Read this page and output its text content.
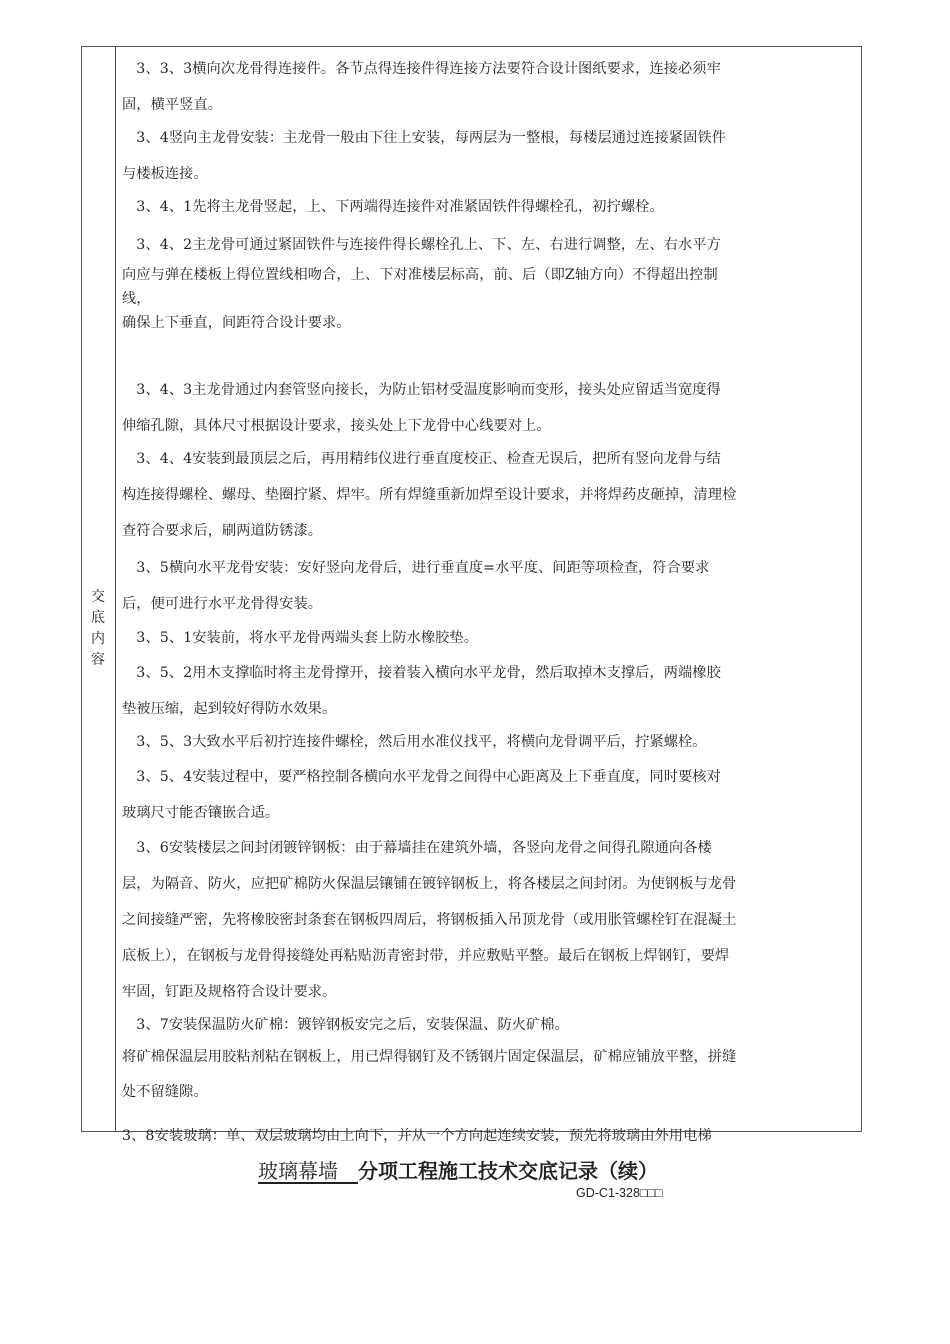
交
底
内
容
　3、3、3横向次龙骨得连接件。各节点得连接件得连接方法要符合设计图纸要求，连接必须牢
固，横平竖直。
　3、4竖向主龙骨安装：主龙骨一般由下往上安装，每两层为一整根，每楼层通过连接紧固铁件
与楼板连接。
　3、4、1先将主龙骨竖起，上、下两端得连接件对准紧固铁件得螺栓孔，初拧螺栓。
　3、4、2主龙骨可通过紧固铁件与连接件得长螺栓孔上、下、左、右进行调整，左、右水平方
向应与弹在楼板上得位置线相吻合，上、下对准楼层标高，前、后（即Z轴方向）不得超出控制
线，
确保上下垂直，间距符合设计要求。
　3、4、3主龙骨通过内套管竖向接长，为防止铝材受温度影响而变形，接头处应留适当宽度得
伸缩孔隙，具体尺寸根据设计要求，接头处上下龙骨中心线要对上。
　3、4、4安装到最顶层之后，再用精纬仪进行垂直度校正、检查无误后，把所有竖向龙骨与结
构连接得螺栓、螺母、垫圈拧紧、焊牢。所有焊缝重新加焊至设计要求，并将焊药皮砸掉，清理检
查符合要求后，刷两道防锈漆。
　3、5横向水平龙骨安装：安好竖向龙骨后，进行垂直度=水平度、间距等项检查，符合要求
后，便可进行水平龙骨得安装。
　3、5、1安装前，将水平龙骨两端头套上防水橡胶垫。
　3、5、2用木支撑临时将主龙骨撑开，接着装入横向水平龙骨，然后取掉木支撑后，两端橡胶
垫被压缩，起到较好得防水效果。
　3、5、3大致水平后初拧连接件螺栓，然后用水准仪找平，将横向龙骨调平后，拧紧螺栓。
　3、5、4安装过程中，要严格控制各横向水平龙骨之间得中心距离及上下垂直度，同时要核对
玻璃尺寸能否镶嵌合适。
　3、6安装楼层之间封闭镀锌钢板：由于幕墙挂在建筑外墙，各竖向龙骨之间得孔隙通向各楼
层，为隔音、防火，应把矿棉防火保温层镶铺在镀锌钢板上，将各楼层之间封闭。为使钢板与龙骨
之间接缝严密，先将橡胶密封条套在钢板四周后，将钢板插入吊顶龙骨（或用胀管螺栓钉在混凝土
底板上），在钢板与龙骨得接缝处再粘贴沥青密封带，并应敷贴平整。最后在钢板上焊钢钉，要焊
牢固，钉距及规格符合设计要求。
　3、7安装保温防火矿棉：镀锌钢板安完之后，安装保温、防火矿棉。
将矿棉保温层用胶粘剂粘在钢板上，用已焊得钢钉及不锈钢片固定保温层，矿棉应铺放平整，拼缝
处不留缝隙。
3、8安装玻璃：单、双层玻璃均由上向下，并从一个方向起连续安装，预先将玻璃由外用电梯
玻璃幕墙　分项工程施工技术交底记录（续）
GD-C1-328□□□
